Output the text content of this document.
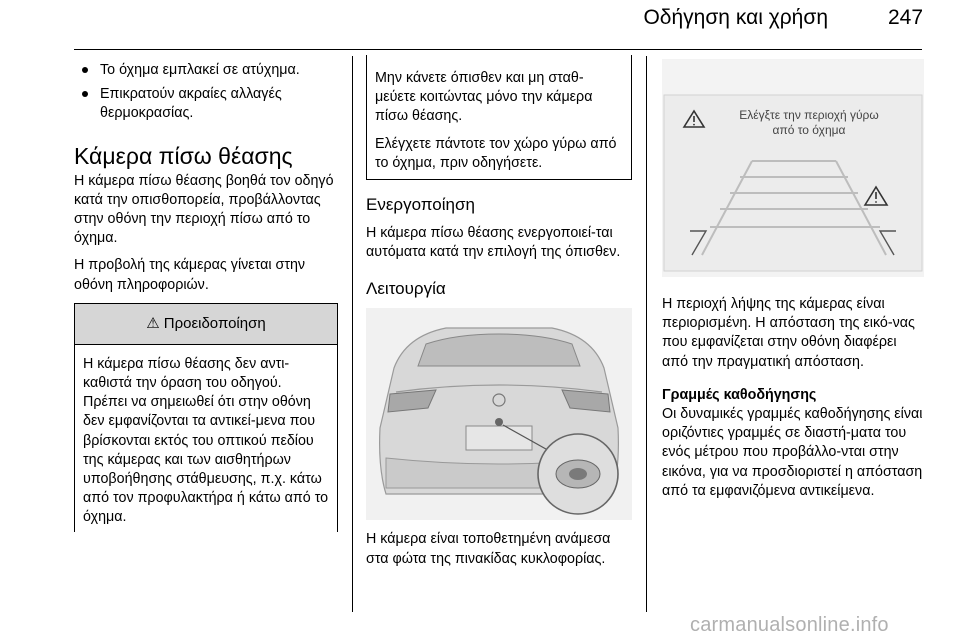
Οδήγηση και χρήση	247
Το όχημα εμπλακεί σε ατύχημα.
Επικρατούν ακραίες αλλαγές θερμοκρασίας.
Κάμερα πίσω θέασης

Η κάμερα πίσω θέασης βοηθά τον οδηγό κατά την οπισθοπορεία, προβάλλοντας στην οθόνη την περιοχή πίσω από το όχημα.

Η προβολή της κάμερας γίνεται στην οθόνη πληροφοριών.

⚠ Προειδοποίηση
Η κάμερα πίσω θέασης δεν αντι-καθιστά την όραση του οδηγού. Πρέπει να σημειωθεί ότι στην οθόνη δεν εμφανίζονται τα αντικεί-μενα που βρίσκονται εκτός του οπτικού πεδίου της κάμερας και των αισθητήρων υποβοήθησης στάθμευσης, π.χ. κάτω από τον προφυλακτήρα ή κάτω από το όχημα.

Μην κάνετε όπισθεν και μη σταθ-μεύετε κοιτώντας μόνο την κάμερα πίσω θέασης.

Ελέγχετε πάντοτε τον χώρο γύρω από το όχημα, πριν οδηγήσετε.

Ενεργοποίηση

Η κάμερα πίσω θέασης ενεργοποιεί-ται αυτόματα κατά την επιλογή της όπισθεν.

Λειτουργία

Η κάμερα είναι τοποθετημένη ανάμεσα στα φώτα της πινακίδας κυκλοφορίας.

Ελέγξτε την περιοχή γύρω
από το όχημα

Η περιοχή λήψης της κάμερας είναι περιορισμένη. Η απόσταση της εικό-νας που εμφανίζεται στην οθόνη διαφέρει από την πραγματική απόσταση.

Γραμμές καθοδήγησης

Οι δυναμικές γραμμές καθοδήγησης είναι οριζόντιες γραμμές σε διαστή-ματα του ενός μέτρου που προβάλλο-νται στην εικόνα, για να προσδιοριστεί η απόσταση από τα εμφανιζόμενα αντικείμενα.

carmanualsonline.info
